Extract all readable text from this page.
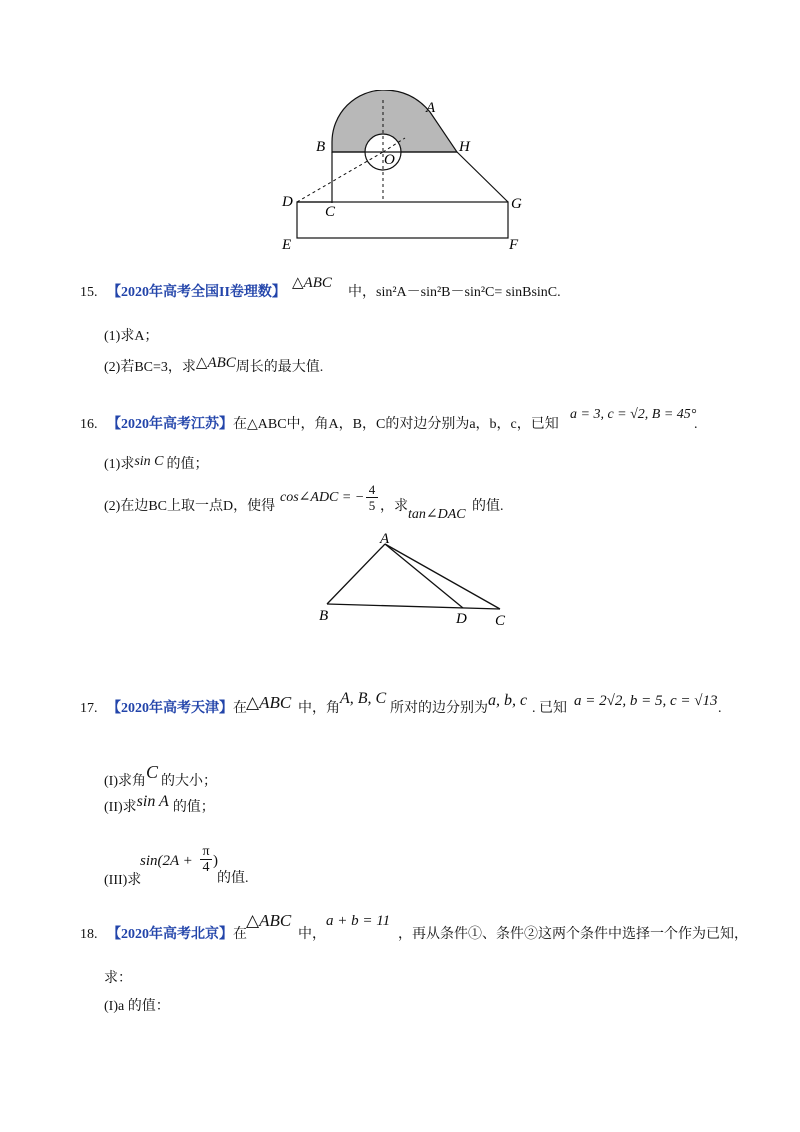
A
B	H
O
D
C	G
E	F
15. 【2020年高考全国II卷理数】
△ABC
中，sin²A－sin²B－sin²C= sinBsinC.
(1)求A；
(2)若BC=3，求△ABC周长的最大值.
16. 【2020年高考江苏】在△ABC中，角A，B，C的对边分别为a，b，c，已知
a = 3, c = √2, B = 45°
.
(1)求sin C 的值；
(2)在边BC上取一点D，使得
cos∠ADC = −
4
5 ，求
tan∠DAC
的值.
A
B	D C
17. 【2020年高考天津】在 △ABC 中，角
A, B, C
所对的边分别为 a, b, c . 已知 a = 2√2, b = 5, c = √13 .
(I)求角C 的大小；
(II)求sin A 的值；
(III)求
sin(2A +
π
4 )
的值.
18. 【2020年高考北京】在
△ABC
中，
a + b = 11
，再从条件①、条件②这两个条件中选择一个作为已知，
求：
(I)a 的值：
